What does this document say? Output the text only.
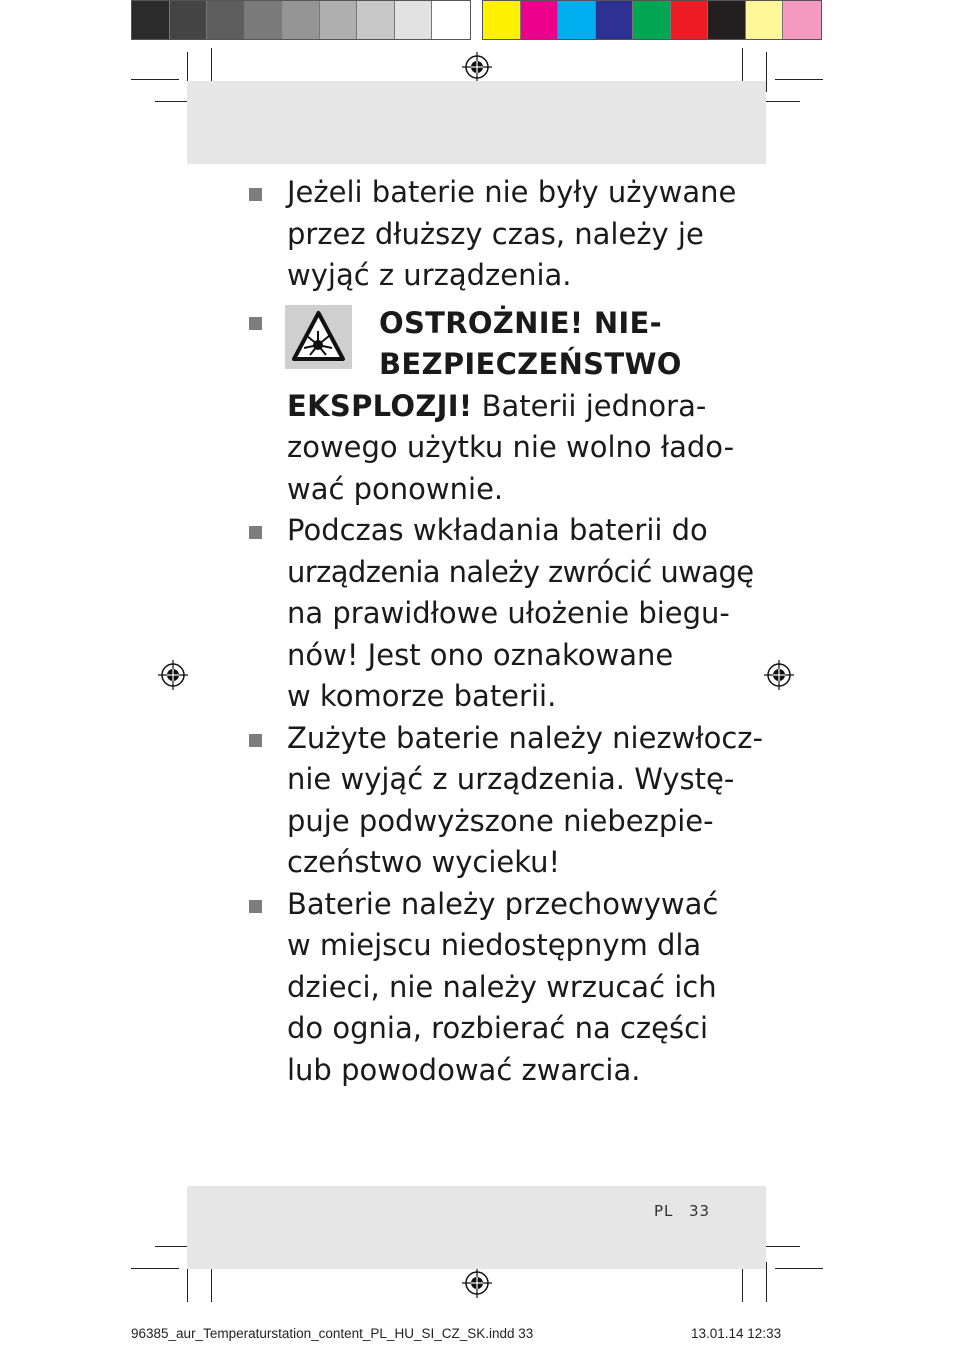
Jeżeli baterie nie były używane
przez dłuższy czas, należy je
wyjąć z urządzenia.
OSTROŻNIE! NIE-
BEZPIECZEŃSTWO
EKSPLOZJI! Baterii jednora-
zowego użytku nie wolno łado-
wać ponownie.
Podczas wkładania baterii do
urządzenia należy zwrócić uwagę
na prawidłowe ułożenie biegu-
nów! Jest ono oznakowane
w komorze baterii.
Zużyte baterie należy niezwłocz-
nie wyjąć z urządzenia. Wystę-
puje podwyższone niebezpie-
czeństwo wycieku!
Baterie należy przechowywać
w miejscu niedostępnym dla
dzieci, nie należy wrzucać ich
do ognia, rozbierać na części
lub powodować zwarcia.
PL 33
96385_aur_Temperaturstation_content_PL_HU_SI_CZ_SK.indd 33	13.01.14 12:33
